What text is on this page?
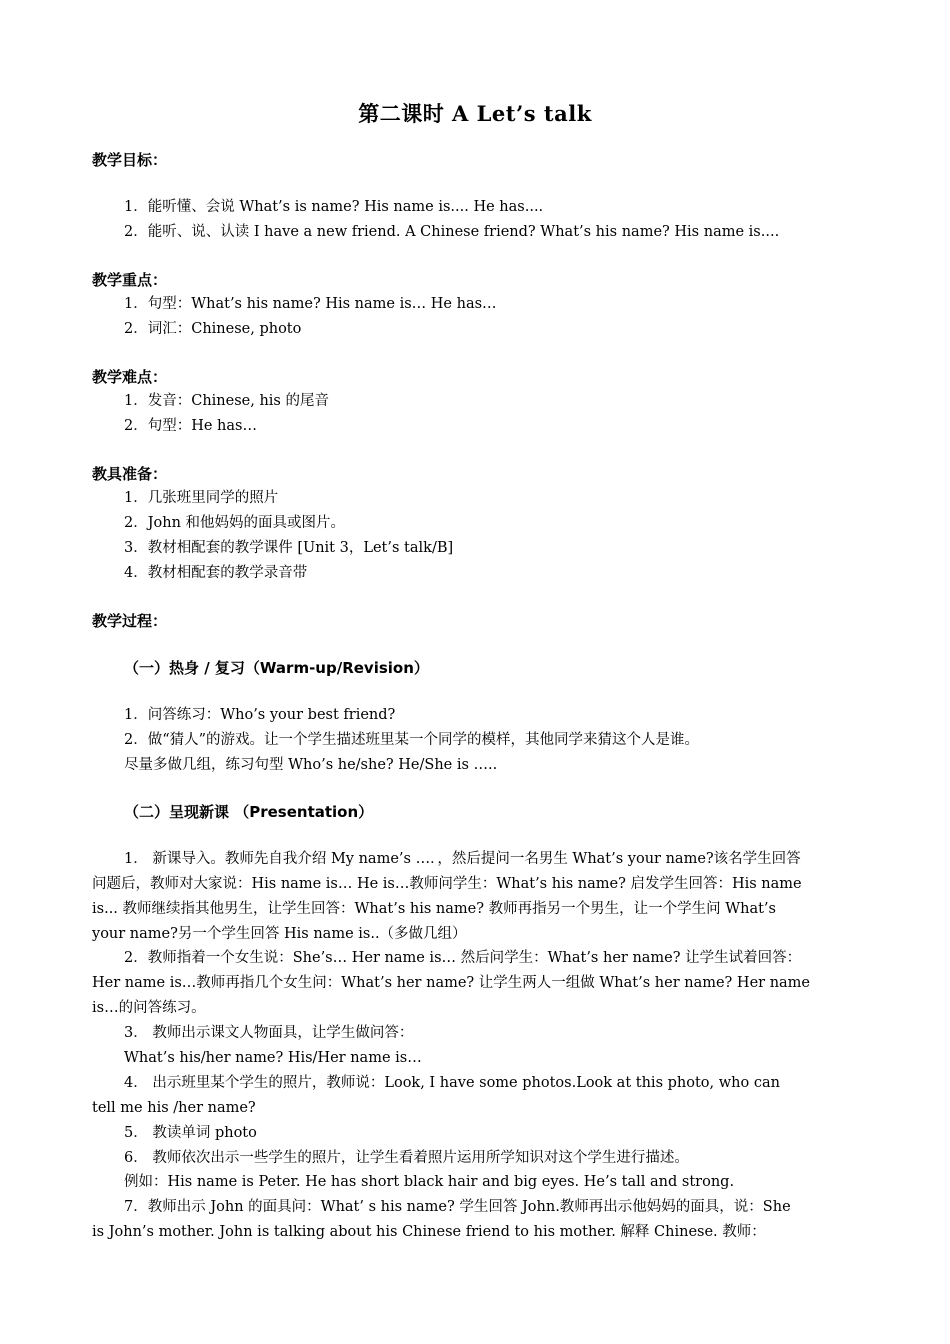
第二课时 A Let’s talk
教学目标：
1．能听懂、会说 What’s is name? His name is.... He has....
2．能听、说、认读 I have a new friend. A Chinese friend? What’s his name? His name is....
教学重点：
1．句型：What’s his name? His name is… He has…
2．词汇：Chinese, photo
教学难点：
1．发音：Chinese, his 的尾音
2．句型：He has…
教具准备：
1．几张班里同学的照片
2．John 和他妈妈的面具或图片。
3．教材相配套的教学课件 [Unit 3，Let’s talk/B]
4．教材相配套的教学录音带
教学过程：
（一）热身 / 复习（Warm-up/Revision）
1．问答练习：Who’s your best friend?
2．做“猜人”的游戏。让一个学生描述班里某一个同学的模样，其他同学来猜这个人是谁。
尽量多做几组，练习句型 Who’s he/she? He/She is …..
（二）呈现新课 （Presentation）
1． 新课导入。教师先自我介绍 My name’s …．，然后提问一名男生 What’s your name?该名学生回答
问题后，教师对大家说：His name is… He is…教师问学生：What’s his name? 启发学生回答：His name
is... 教师继续指其他男生，让学生回答：What’s his name? 教师再指另一个男生，让一个学生问 What’s
your name?另一个学生回答 His name is..（多做几组）
2．教师指着一个女生说：She’s… Her name is… 然后问学生：What’s her name? 让学生试着回答：
Her name is…教师再指几个女生问：What’s her name? 让学生两人一组做 What’s her name? Her name
is…的问答练习。
3． 教师出示课文人物面具，让学生做问答：
What’s his/her name? His/Her name is…
4． 出示班里某个学生的照片，教师说：Look, I have some photos.Look at this photo, who can
tell me his /her name?
5． 教读单词 photo
6． 教师依次出示一些学生的照片，让学生看着照片运用所学知识对这个学生进行描述。
例如：His name is Peter. He has short black hair and big eyes. He’s tall and strong.
7．教师出示 John 的面具问：What’ s his name? 学生回答 John.教师再出示他妈妈的面具，说：She
is John’s mother. John is talking about his Chinese friend to his mother. 解释 Chinese. 教师：
